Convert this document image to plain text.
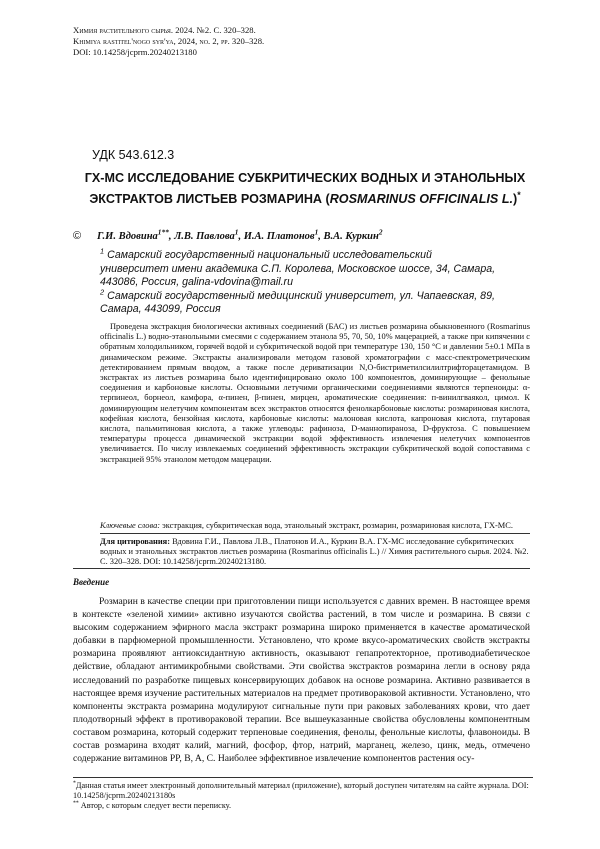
Химия растительного сырья. 2024. №2. С. 320–328.
Khimiya rastitel'nogo syr'ya, 2024, no. 2, pp. 320–328.
DOI: 10.14258/jcprm.20240213180
УДК 543.612.3
ГХ-МС ИССЛЕДОВАНИЕ СУБКРИТИЧЕСКИХ ВОДНЫХ И ЭТАНОЛЬНЫХ ЭКСТРАКТОВ ЛИСТЬЕВ РОЗМАРИНА (ROSMARINUS OFFICINALIS L.)*
© Г.И. Вдовина$^{1**}$, Л.В. Павлова$^1$, И.А. Платонов$^1$, В.А. Куркин$^2$

$^1$ Самарский государственный национальный исследовательский университет имени академика С.П. Королева, Московское шоссе, 34, Самара, 443086, Россия, galina-vdovina@mail.ru

$^2$ Самарский государственный медицинский университет, ул. Чапаевская, 89, Самара, 443099, Россия

Проведена экстракция биологически активных соединений (БАС) из листьев розмарина обыкновенного (Rosmarinus officinalis L.) водно-этанольными смесями с содержанием этанола 95, 70, 50, 10% мацерацией, а также при кипячении с обратным холодильником, горячей водой и субкритической водой при температуре 130, 150 °С и давлении 5±0.1 МПа в динамическом режиме. Экстракты анализировали методом газовой хроматографии с масс-спектрометрическим детектированием прямым вводом, а также после дериватизации N,O-бистриметилсилилтрифторацетамидом. В экстрактах из листьев розмарина было идентифицировано около 100 компонентов, доминирующие – фенольные соединения и карбоновые кислоты. Основными летучими органическими соединениями являются терпеноиды: α-терпинеол, борнеол, камфора, α-пинен, β-пинен, мирцен, ароматические соединения: п-винилгваякол, цимол. К доминирующим нелетучим компонентам всех экстрактов относятся фенолкарбоновые кислоты: розмариновая кислота, кофейная кислота, бензойная кислота, карбоновые кислоты: малоновая кислота, капроновая кислота, глутаровая кислота, пальмитиновая кислота, а также углеводы: рафиноза, D-маннопираноза, D-фруктоза. С повышением температуры процесса динамической экстракции водой эффективность извлечения нелетучих компонентов увеличивается. По числу извлекаемых соединений эффективность экстракции субкритической водой сопоставима с экстракцией 95% этанолом методом мацерации.

Ключевые слова: экстракция, субкритическая вода, этанольный экстракт, розмарин, розмариновая кислота, ГХ-МС.
Для цитирования: Вдовина Г.И., Павлова Л.В., Платонов И.А., Куркин В.А. ГХ-МС исследование субкритических водных и этанольных экстрактов листьев розмарина (Rosmarinus officinalis L.) // Химия растительного сырья. 2024. №2. С. 320–328. DOI: 10.14258/jcprm.20240213180.
Введение

Розмарин в качестве специи при приготовлении пищи используется с давних времен. В настоящее время в контексте «зеленой химии» активно изучаются свойства растений, в том числе и розмарина. В связи с высоким содержанием эфирного масла экстракт розмарина широко применяется в качестве ароматической добавки в парфюмерной промышленности. Установлено, что кроме вкусо-ароматических свойств экстракты розмарина проявляют антиоксидантную активность, оказывают гепапротекторное, противодиабетическое действие, обладают антимикробными свойствами. Эти свойства экстрактов розмарина легли в основу ряда исследований по разработке пищевых консервирующих добавок на основе розмарина. Активно развивается в настоящее время изучение растительных материалов на предмет противораковой активности. Установлено, что компоненты экстракта розмарина модулируют сигнальные пути при раковых заболеваниях крови, что дает плодотворный эффект в противораковой терапии. Все вышеуказанные свойства обусловлены компонентным составом розмарина, который содержит терпеновые соединения, фенолы, фенольные кислоты, флавоноиды. В состав розмарина входят калий, магний, фосфор, фтор, натрий, марганец, железо, цинк, медь, отмечено содержание витаминов PP, B, A, C. Наиболее эффективное извлечение компонентов растения осу-

*Данная статья имеет электронный дополнительный материал (приложение), который доступен читателям на сайте журнала. DOI: 10.14258/jcprm.20240213180s

** Автор, с которым следует вести переписку.
